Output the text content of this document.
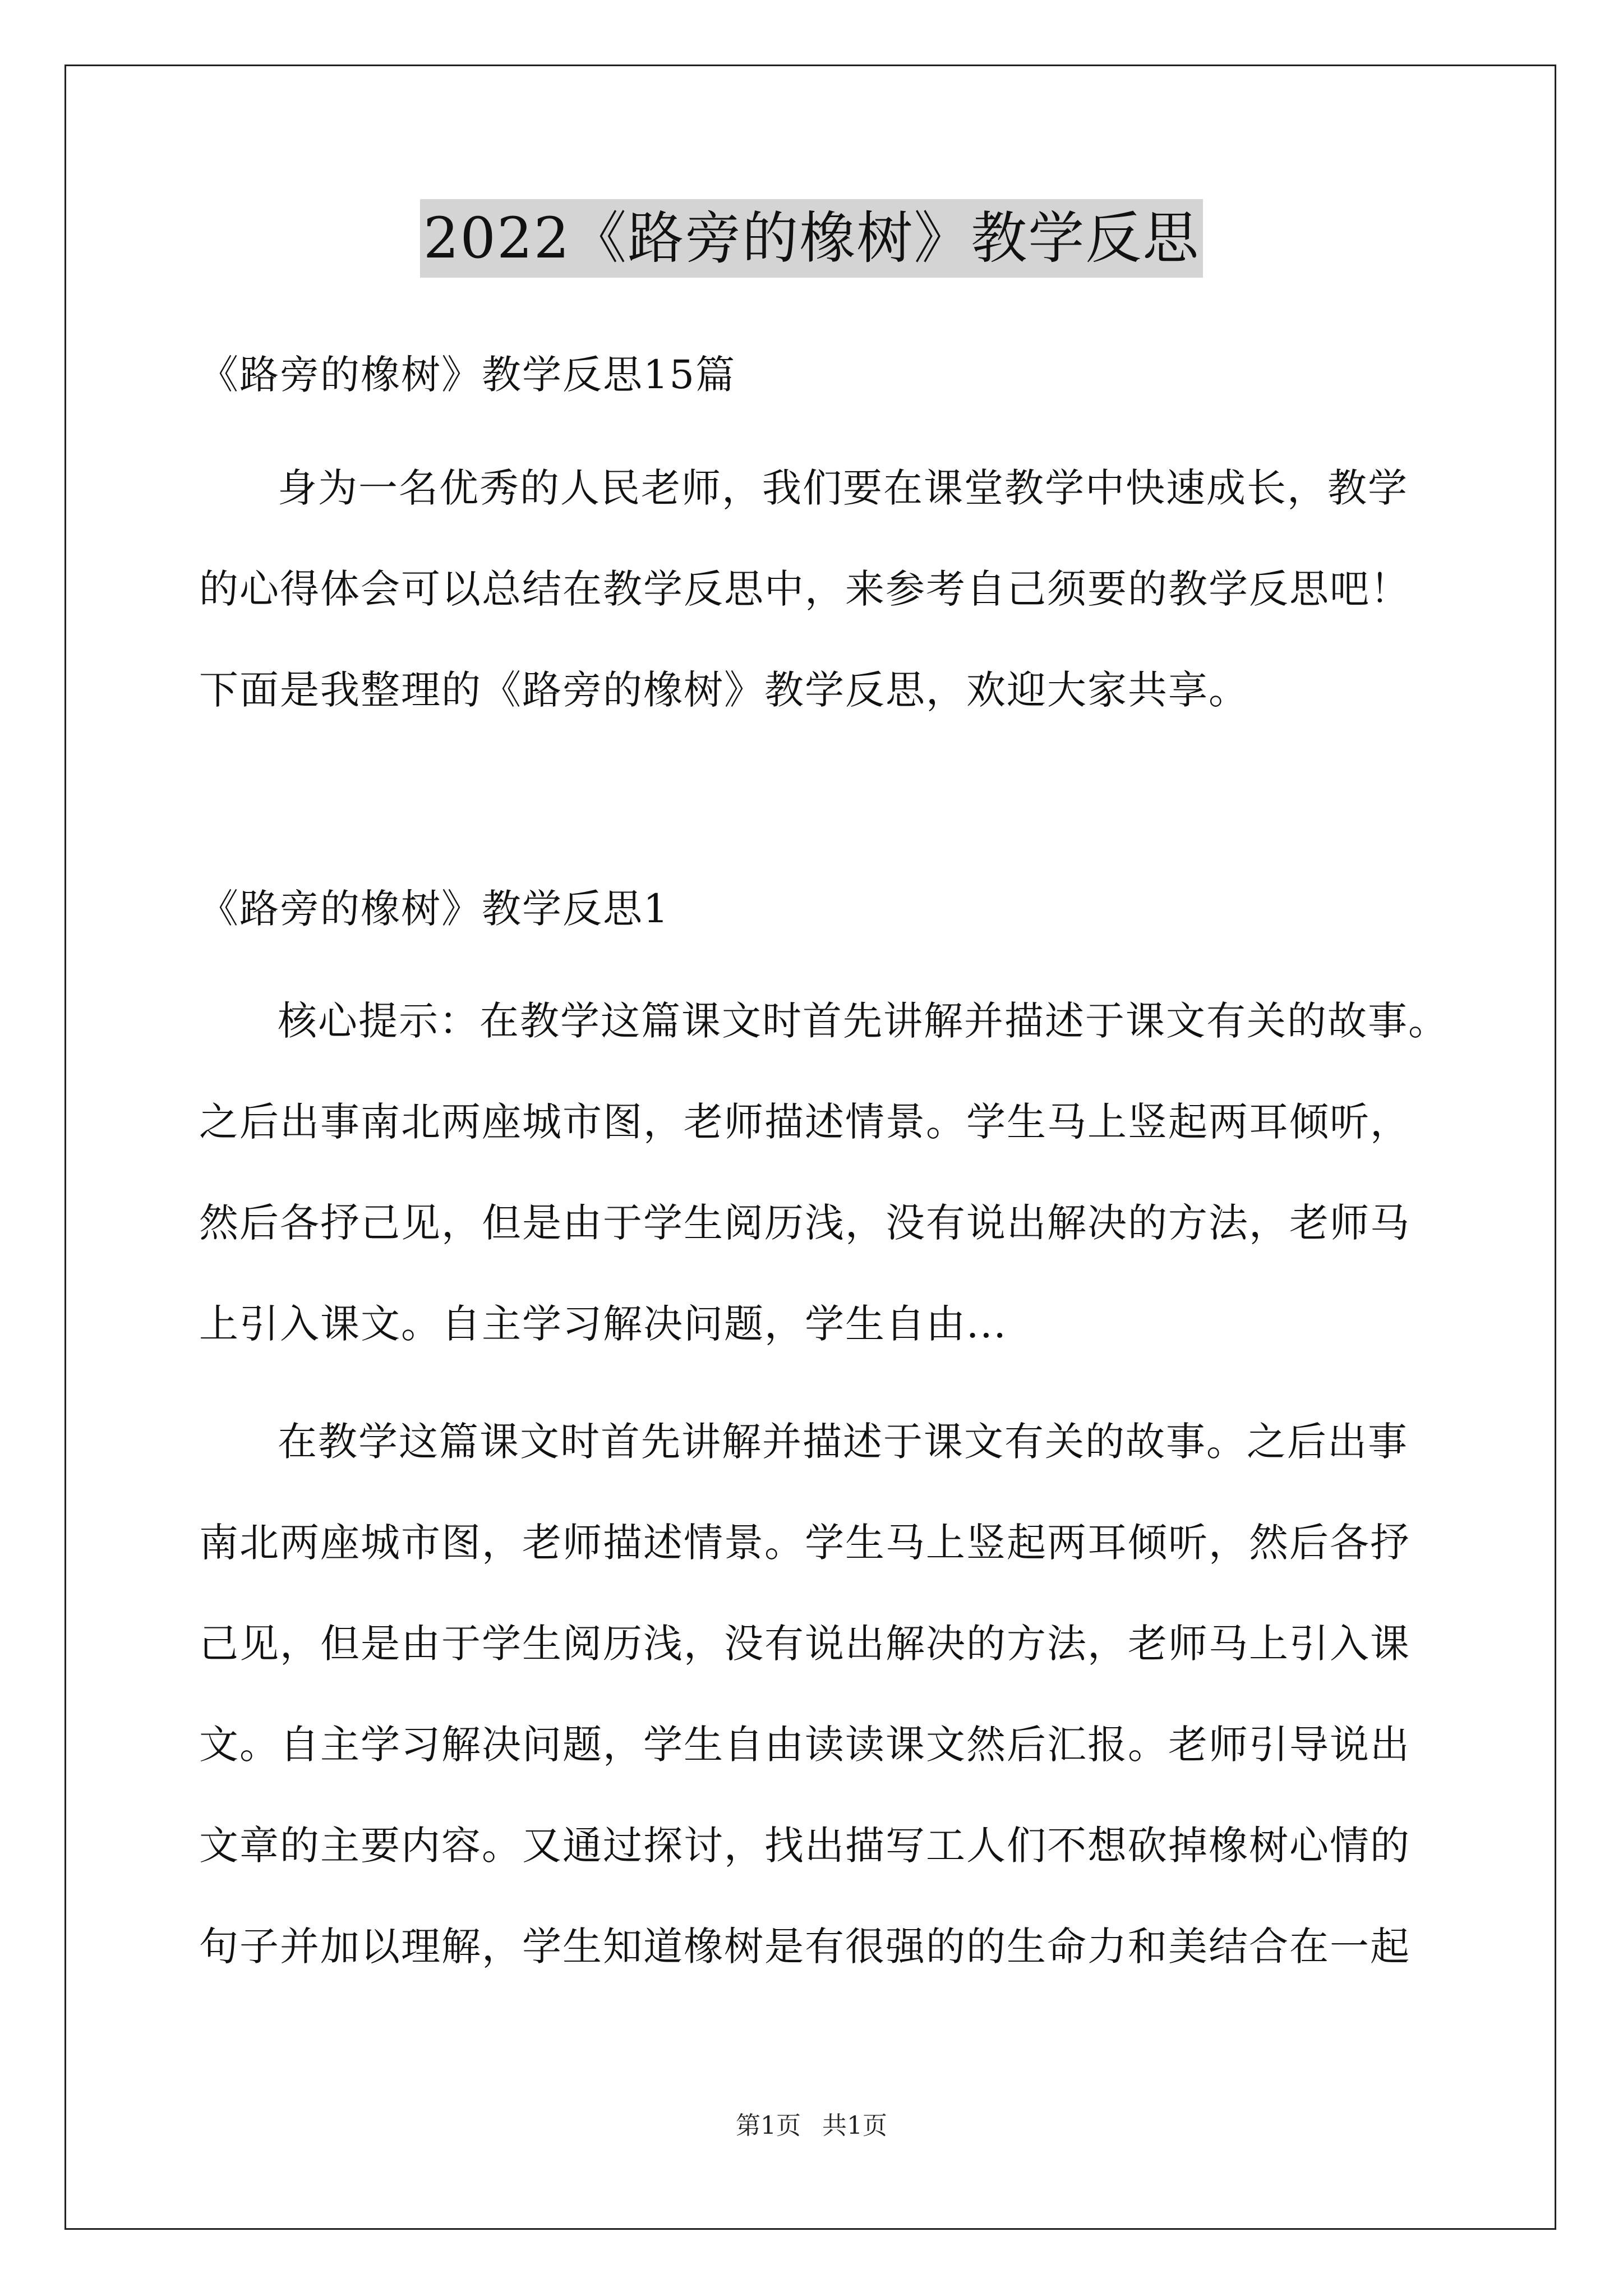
2022《路旁的橡树》教学反思
《路旁的橡树》教学反思15篇
身为一名优秀的人民老师，我们要在课堂教学中快速成长，教学
的心得体会可以总结在教学反思中，来参考自己须要的教学反思吧！
下面是我整理的《路旁的橡树》教学反思，欢迎大家共享。
《路旁的橡树》教学反思1
核心提示：在教学这篇课文时首先讲解并描述于课文有关的故事。
之后出事南北两座城市图，老师描述情景。学生马上竖起两耳倾听，
然后各抒己见，但是由于学生阅历浅，没有说出解决的方法，老师马
上引入课文。自主学习解决问题，学生自由...
在教学这篇课文时首先讲解并描述于课文有关的故事。之后出事
南北两座城市图，老师描述情景。学生马上竖起两耳倾听，然后各抒
己见，但是由于学生阅历浅，没有说出解决的方法，老师马上引入课
文。自主学习解决问题，学生自由读读课文然后汇报。老师引导说出
文章的主要内容。又通过探讨，找出描写工人们不想砍掉橡树心情的
句子并加以理解，学生知道橡树是有很强的的生命力和美结合在一起
第1页 共1页
